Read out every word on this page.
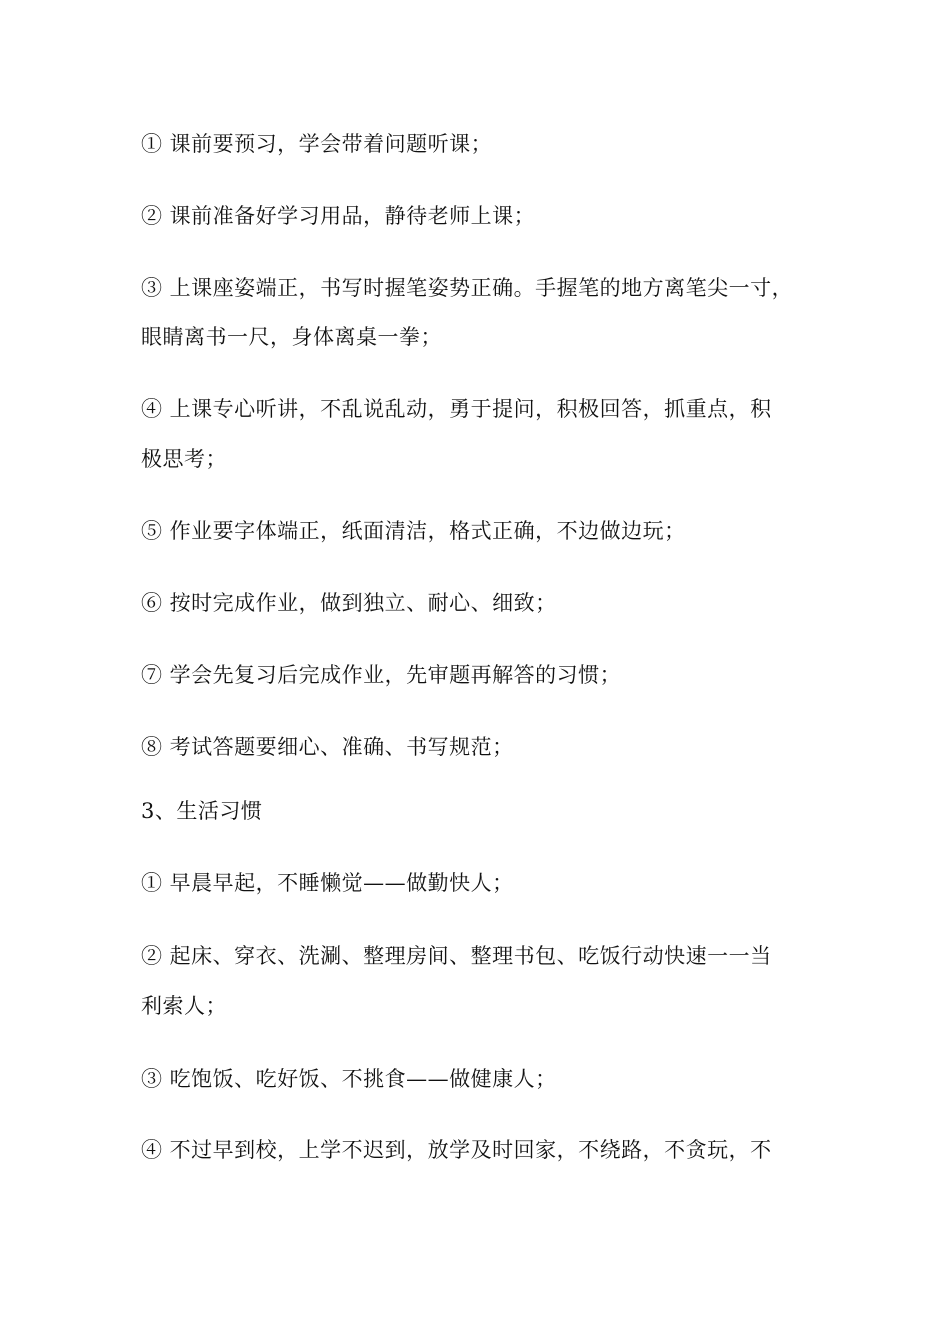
① 课前要预习，学会带着问题听课；
② 课前准备好学习用品，静待老师上课；
③ 上课座姿端正，书写时握笔姿势正确。手握笔的地方离笔尖一寸，
眼睛离书一尺，身体离桌一拳；
④ 上课专心听讲，不乱说乱动，勇于提问，积极回答，抓重点，积
极思考；
⑤ 作业要字体端正，纸面清洁，格式正确，不边做边玩；
⑥ 按时完成作业，做到独立、耐心、细致；
⑦ 学会先复习后完成作业，先审题再解答的习惯；
⑧ 考试答题要细心、准确、书写规范；
3、生活习惯
① 早晨早起，不睡懒觉——做勤快人；
② 起床、穿衣、洗涮、整理房间、整理书包、吃饭行动快速一一当
利索人；
③ 吃饱饭、吃好饭、不挑食——做健康人；
④ 不过早到校，上学不迟到，放学及时回家，不绕路，不贪玩，不
